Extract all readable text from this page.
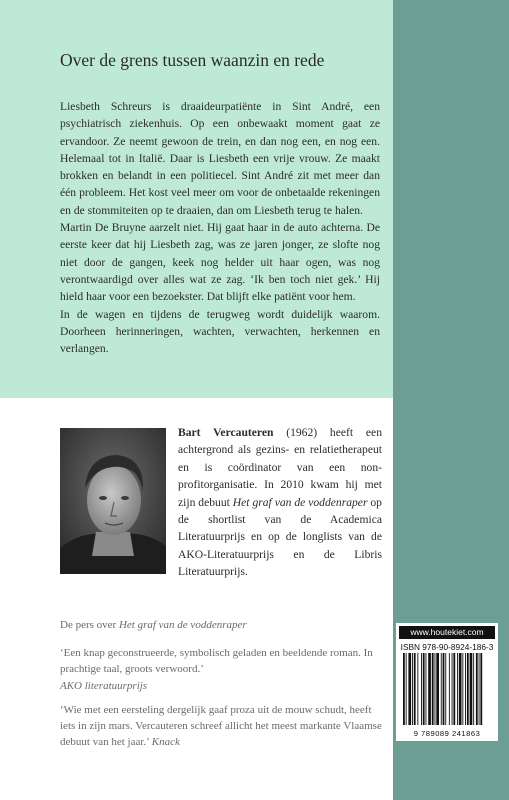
Over de grens tussen waanzin en rede

Liesbeth Schreurs is draaideurpatiënte in Sint André, een psychiatrisch ziekenhuis. Op een onbewaakt moment gaat ze ervandoor. Ze neemt gewoon de trein, en dan nog een, en nog een. Helemaal tot in Italië. Daar is Liesbeth een vrije vrouw. Ze maakt brokken en belandt in een politiecel. Sint André zit met meer dan één probleem. Het kost veel meer om voor de onbetaalde rekeningen en de stommiteiten op te draaien, dan om Liesbeth terug te halen.

Martin De Bruyne aarzelt niet. Hij gaat haar in de auto achterna. De eerste keer dat hij Liesbeth zag, was ze jaren jonger, ze slofte nog niet door de gangen, keek nog helder uit haar ogen, was nog verontwaardigd over alles wat ze zag. ‘Ik ben toch niet gek.’ Hij hield haar voor een bezoekster. Dat blijft elke patiënt voor hem.

In de wagen en tijdens de terugweg wordt duidelijk waarom. Doorheen herinneringen, wachten, verwachten, herkennen en verlangen.

Bart Vercauteren (1962) heeft een achtergrond als gezins- en relatietherapeut en is coördinator van een non-profitorganisatie. In 2010 kwam hij met zijn debuut Het graf van de voddenraper op de shortlist van de Academica Literatuurprijs en op de longlists van de AKO-Literatuurprijs en de Libris Literatuurprijs.

De pers over Het graf van de voddenraper

‘Een knap geconstrueerde, symbolisch geladen en beeldende roman. In prachtige taal, groots verwoord.’
AKO literatuurprijs

‘Wie met een eersteling dergelijk gaaf proza uit de mouw schudt, heeft iets in zijn mars. Vercauteren schreef allicht het meest markante Vlaamse debuut van het jaar.’ Knack

www.houtekiet.com
ISBN 978-90-8924-186-3
9 789089 241863
